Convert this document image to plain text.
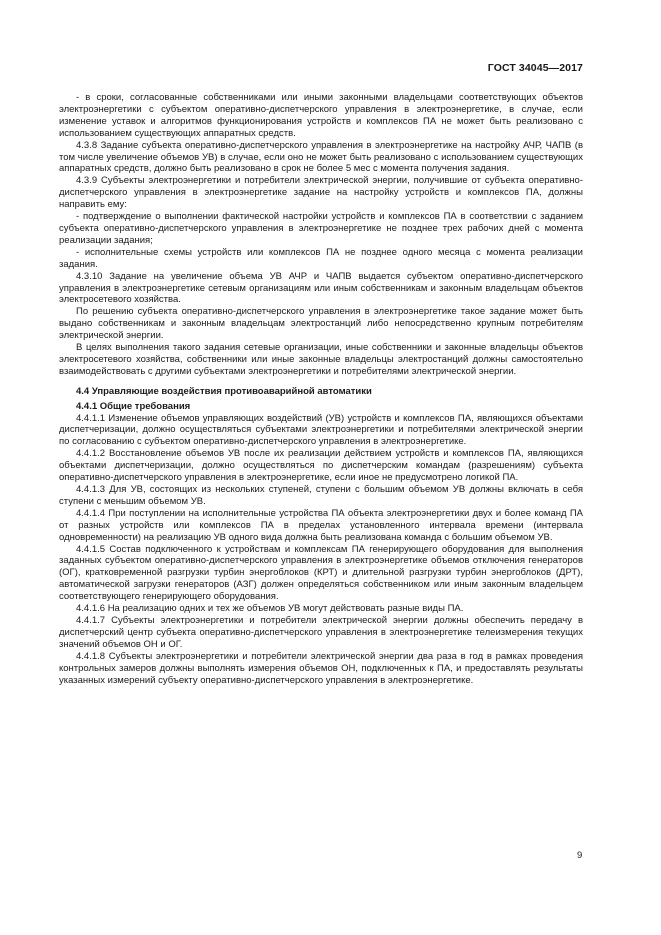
ГОСТ 34045—2017

- в сроки, согласованные собственниками или иными законными владельцами соответствующих объектов электроэнергетики с субъектом оперативно-диспетчерского управления в электроэнергетике, в случае, если изменение уставок и алгоритмов функционирования устройств и комплексов ПА не может быть реализовано с использованием существующих аппаратных средств.

4.3.8 Задание субъекта оперативно-диспетчерского управления в электроэнергетике на настройку АЧР, ЧАПВ (в том числе увеличение объемов УВ) в случае, если оно не может быть реализовано с использованием существующих аппаратных средств, должно быть реализовано в срок не более 5 мес с момента получения задания.

4.3.9 Субъекты электроэнергетики и потребители электрической энергии, получившие от субъекта оперативно-диспетчерского управления в электроэнергетике задание на настройку устройств и комплексов ПА, должны направить ему:

- подтверждение о выполнении фактической настройки устройств и комплексов ПА в соответствии с заданием субъекта оперативно-диспетчерского управления в электроэнергетике не позднее трех рабочих дней с момента реализации задания;

- исполнительные схемы устройств или комплексов ПА не позднее одного месяца с момента реализации задания.

4.3.10 Задание на увеличение объема УВ АЧР и ЧАПВ выдается субъектом оперативно-диспетчерского управления в электроэнергетике сетевым организациям или иным собственникам и законным владельцам объектов электросетевого хозяйства.

По решению субъекта оперативно-диспетчерского управления в электроэнергетике такое задание может быть выдано собственникам и законным владельцам электростанций либо непосредственно крупным потребителям электрической энергии.

В целях выполнения такого задания сетевые организации, иные собственники и законные владельцы объектов электросетевого хозяйства, собственники или иные законные владельцы электростанций должны самостоятельно взаимодействовать с другими субъектами электроэнергетики и потребителями электрической энергии.

4.4 Управляющие воздействия противоаварийной автоматики

4.4.1 Общие требования

4.4.1.1 Изменение объемов управляющих воздействий (УВ) устройств и комплексов ПА, являющихся объектами диспетчеризации, должно осуществляться субъектами электроэнергетики и потребителями электрической энергии по согласованию с субъектом оперативно-диспетчерского управления в электроэнергетике.

4.4.1.2 Восстановление объемов УВ после их реализации действием устройств и комплексов ПА, являющихся объектами диспетчеризации, должно осуществляться по диспетчерским командам (разрешениям) субъекта оперативно-диспетчерского управления в электроэнергетике, если иное не предусмотрено логикой ПА.

4.4.1.3 Для УВ, состоящих из нескольких ступеней, ступени с большим объемом УВ должны включать в себя ступени с меньшим объемом УВ.

4.4.1.4 При поступлении на исполнительные устройства ПА объекта электроэнергетики двух и более команд ПА от разных устройств или комплексов ПА в пределах установленного интервала времени (интервала одновременности) на реализацию УВ одного вида должна быть реализована команда с большим объемом УВ.

4.4.1.5 Состав подключенного к устройствам и комплексам ПА генерирующего оборудования для выполнения заданных субъектом оперативно-диспетчерского управления в электроэнергетике объемов отключения генераторов (ОГ), кратковременной разгрузки турбин энергоблоков (КРТ) и длительной разгрузки турбин энергоблоков (ДРТ), автоматической загрузки генераторов (АЗГ) должен определяться собственником или иным законным владельцем соответствующего генерирующего оборудования.

4.4.1.6 На реализацию одних и тех же объемов УВ могут действовать разные виды ПА.

4.4.1.7 Субъекты электроэнергетики и потребители электрической энергии должны обеспечить передачу в диспетчерский центр субъекта оперативно-диспетчерского управления в электроэнергетике телеизмерения текущих значений объемов ОН и ОГ.

4.4.1.8 Субъекты электроэнергетики и потребители электрической энергии два раза в год в рамках проведения контрольных замеров должны выполнять измерения объемов ОН, подключенных к ПА, и предоставлять результаты указанных измерений субъекту оперативно-диспетчерского управления в электроэнергетике.

9
